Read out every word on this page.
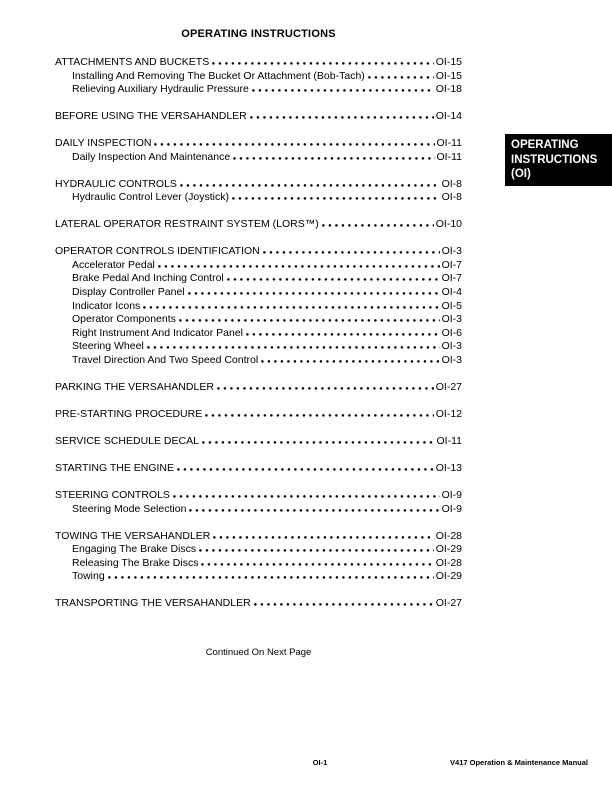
OPERATING INSTRUCTIONS
ATTACHMENTS AND BUCKETS	OI-15
Installing And Removing The Bucket Or Attachment (Bob-Tach)	OI-15
Relieving Auxiliary Hydraulic Pressure	OI-18
BEFORE USING THE VERSAHANDLER	OI-14
DAILY INSPECTION	OI-11
Daily Inspection And Maintenance	OI-11
HYDRAULIC CONTROLS	OI-8
Hydraulic Control Lever (Joystick)	OI-8
LATERAL OPERATOR RESTRAINT SYSTEM (LORS™)	OI-10
OPERATOR CONTROLS IDENTIFICATION	OI-3
Accelerator Pedal	OI-7
Brake Pedal And Inching Control	OI-7
Display Controller Panel	OI-4
Indicator Icons	OI-5
Operator Components	OI-3
Right Instrument And Indicator Panel	OI-6
Steering Wheel	OI-3
Travel Direction And Two Speed Control	OI-3
PARKING THE VERSAHANDLER	OI-27
PRE-STARTING PROCEDURE	OI-12
SERVICE SCHEDULE DECAL	OI-11
STARTING THE ENGINE	OI-13
STEERING CONTROLS	OI-9
Steering Mode Selection	OI-9
TOWING THE VERSAHANDLER	OI-28
Engaging The Brake Discs	OI-29
Releasing The Brake Discs	OI-28
Towing	OI-29
TRANSPORTING THE VERSAHANDLER	OI-27
Continued On Next Page
OPERATING
INSTRUCTIONS
(OI)
OI-1	V417 Operation & Maintenance Manual
